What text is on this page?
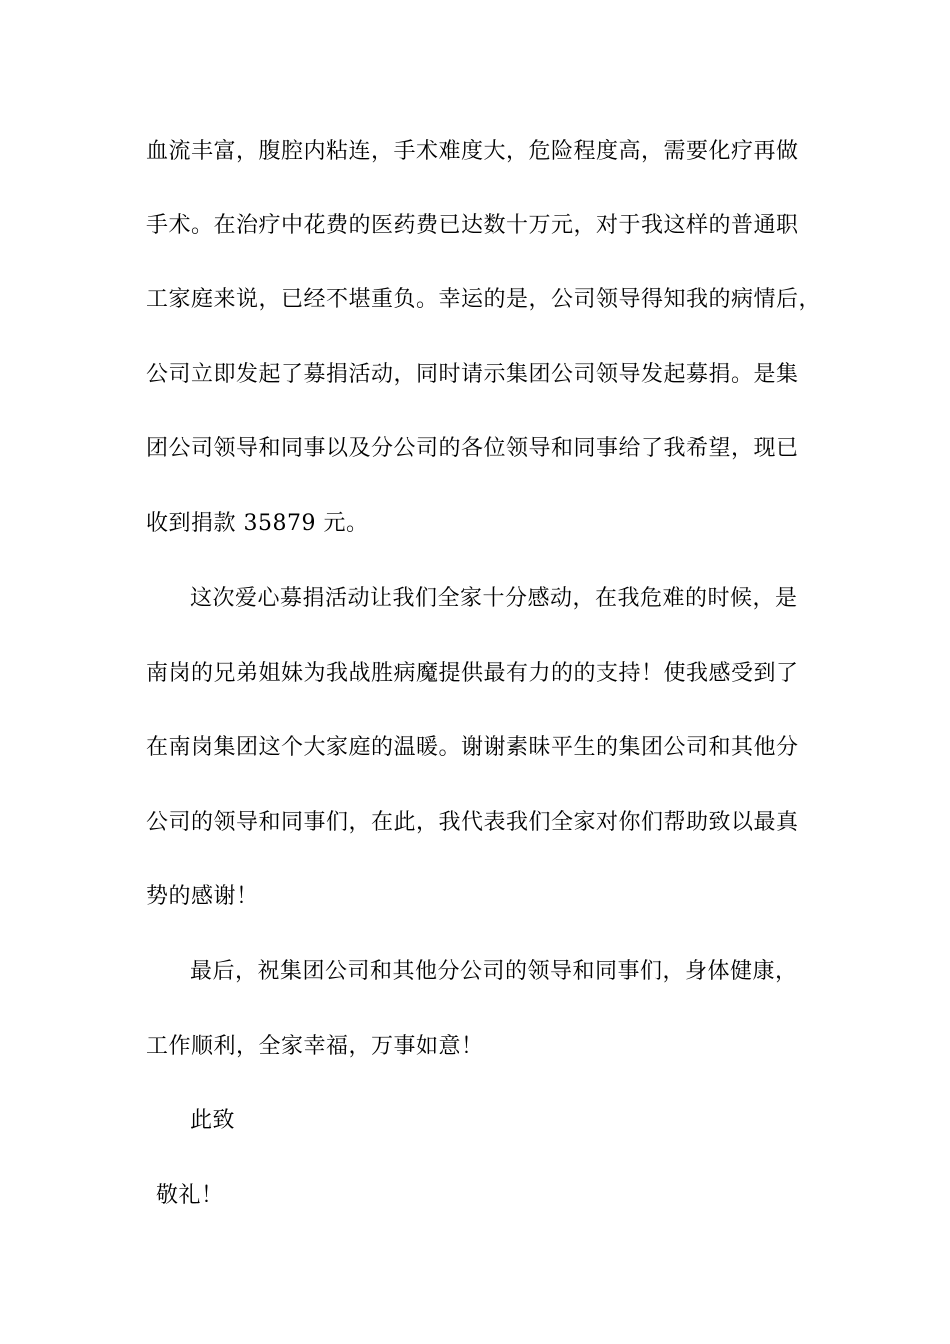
血流丰富，腹腔内粘连，手术难度大，危险程度高，需要化疗再做
手术。在治疗中花费的医药费已达数十万元，对于我这样的普通职
工家庭来说，已经不堪重负。幸运的是，公司领导得知我的病情后，
公司立即发起了募捐活动，同时请示集团公司领导发起募捐。是集
团公司领导和同事以及分公司的各位领导和同事给了我希望，现已
收到捐款 35879 元。
这次爱心募捐活动让我们全家十分感动，在我危难的时候，是
南岗的兄弟姐妹为我战胜病魔提供最有力的的支持！使我感受到了
在南岗集团这个大家庭的温暖。谢谢素昧平生的集团公司和其他分
公司的领导和同事们，在此，我代表我们全家对你们帮助致以最真
势的感谢！
最后，祝集团公司和其他分公司的领导和同事们，身体健康，
工作顺利，全家幸福，万事如意！
此致
敬礼！
